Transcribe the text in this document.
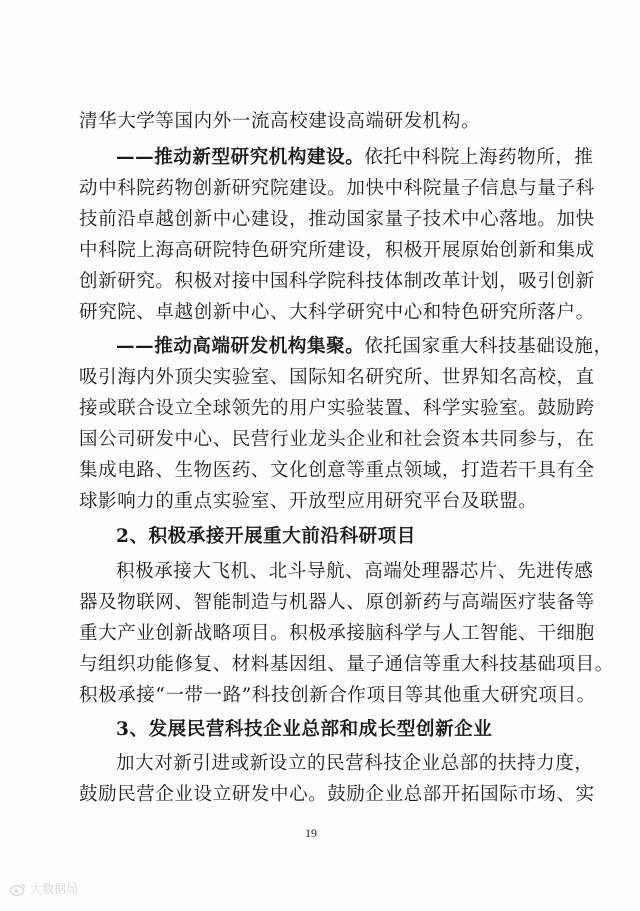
清华大学等国内外一流高校建设高端研发机构。
——推动新型研究机构建设。依托中科院上海药物所，推
动中科院药物创新研究院建设。加快中科院量子信息与量子科
技前沿卓越创新中心建设，推动国家量子技术中心落地。加快
中科院上海高研院特色研究所建设，积极开展原始创新和集成
创新研究。积极对接中国科学院科技体制改革计划，吸引创新
研究院、卓越创新中心、大科学研究中心和特色研究所落户。
——推动高端研发机构集聚。依托国家重大科技基础设施，
吸引海内外顶尖实验室、国际知名研究所、世界知名高校，直
接或联合设立全球领先的用户实验装置、科学实验室。鼓励跨
国公司研发中心、民营行业龙头企业和社会资本共同参与，在
集成电路、生物医药、文化创意等重点领域，打造若干具有全
球影响力的重点实验室、开放型应用研究平台及联盟。
2、积极承接开展重大前沿科研项目
积极承接大飞机、北斗导航、高端处理器芯片、先进传感
器及物联网、智能制造与机器人、原创新药与高端医疗装备等
重大产业创新战略项目。积极承接脑科学与人工智能、干细胞
与组织功能修复、材料基因组、量子通信等重大科技基础项目。
积极承接“一带一路”科技创新合作项目等其他重大研究项目。
3、发展民营科技企业总部和成长型创新企业
加大对新引进或新设立的民营科技企业总部的扶持力度，
鼓励民营企业设立研发中心。鼓励企业总部开拓国际市场、实
19
大数据局
